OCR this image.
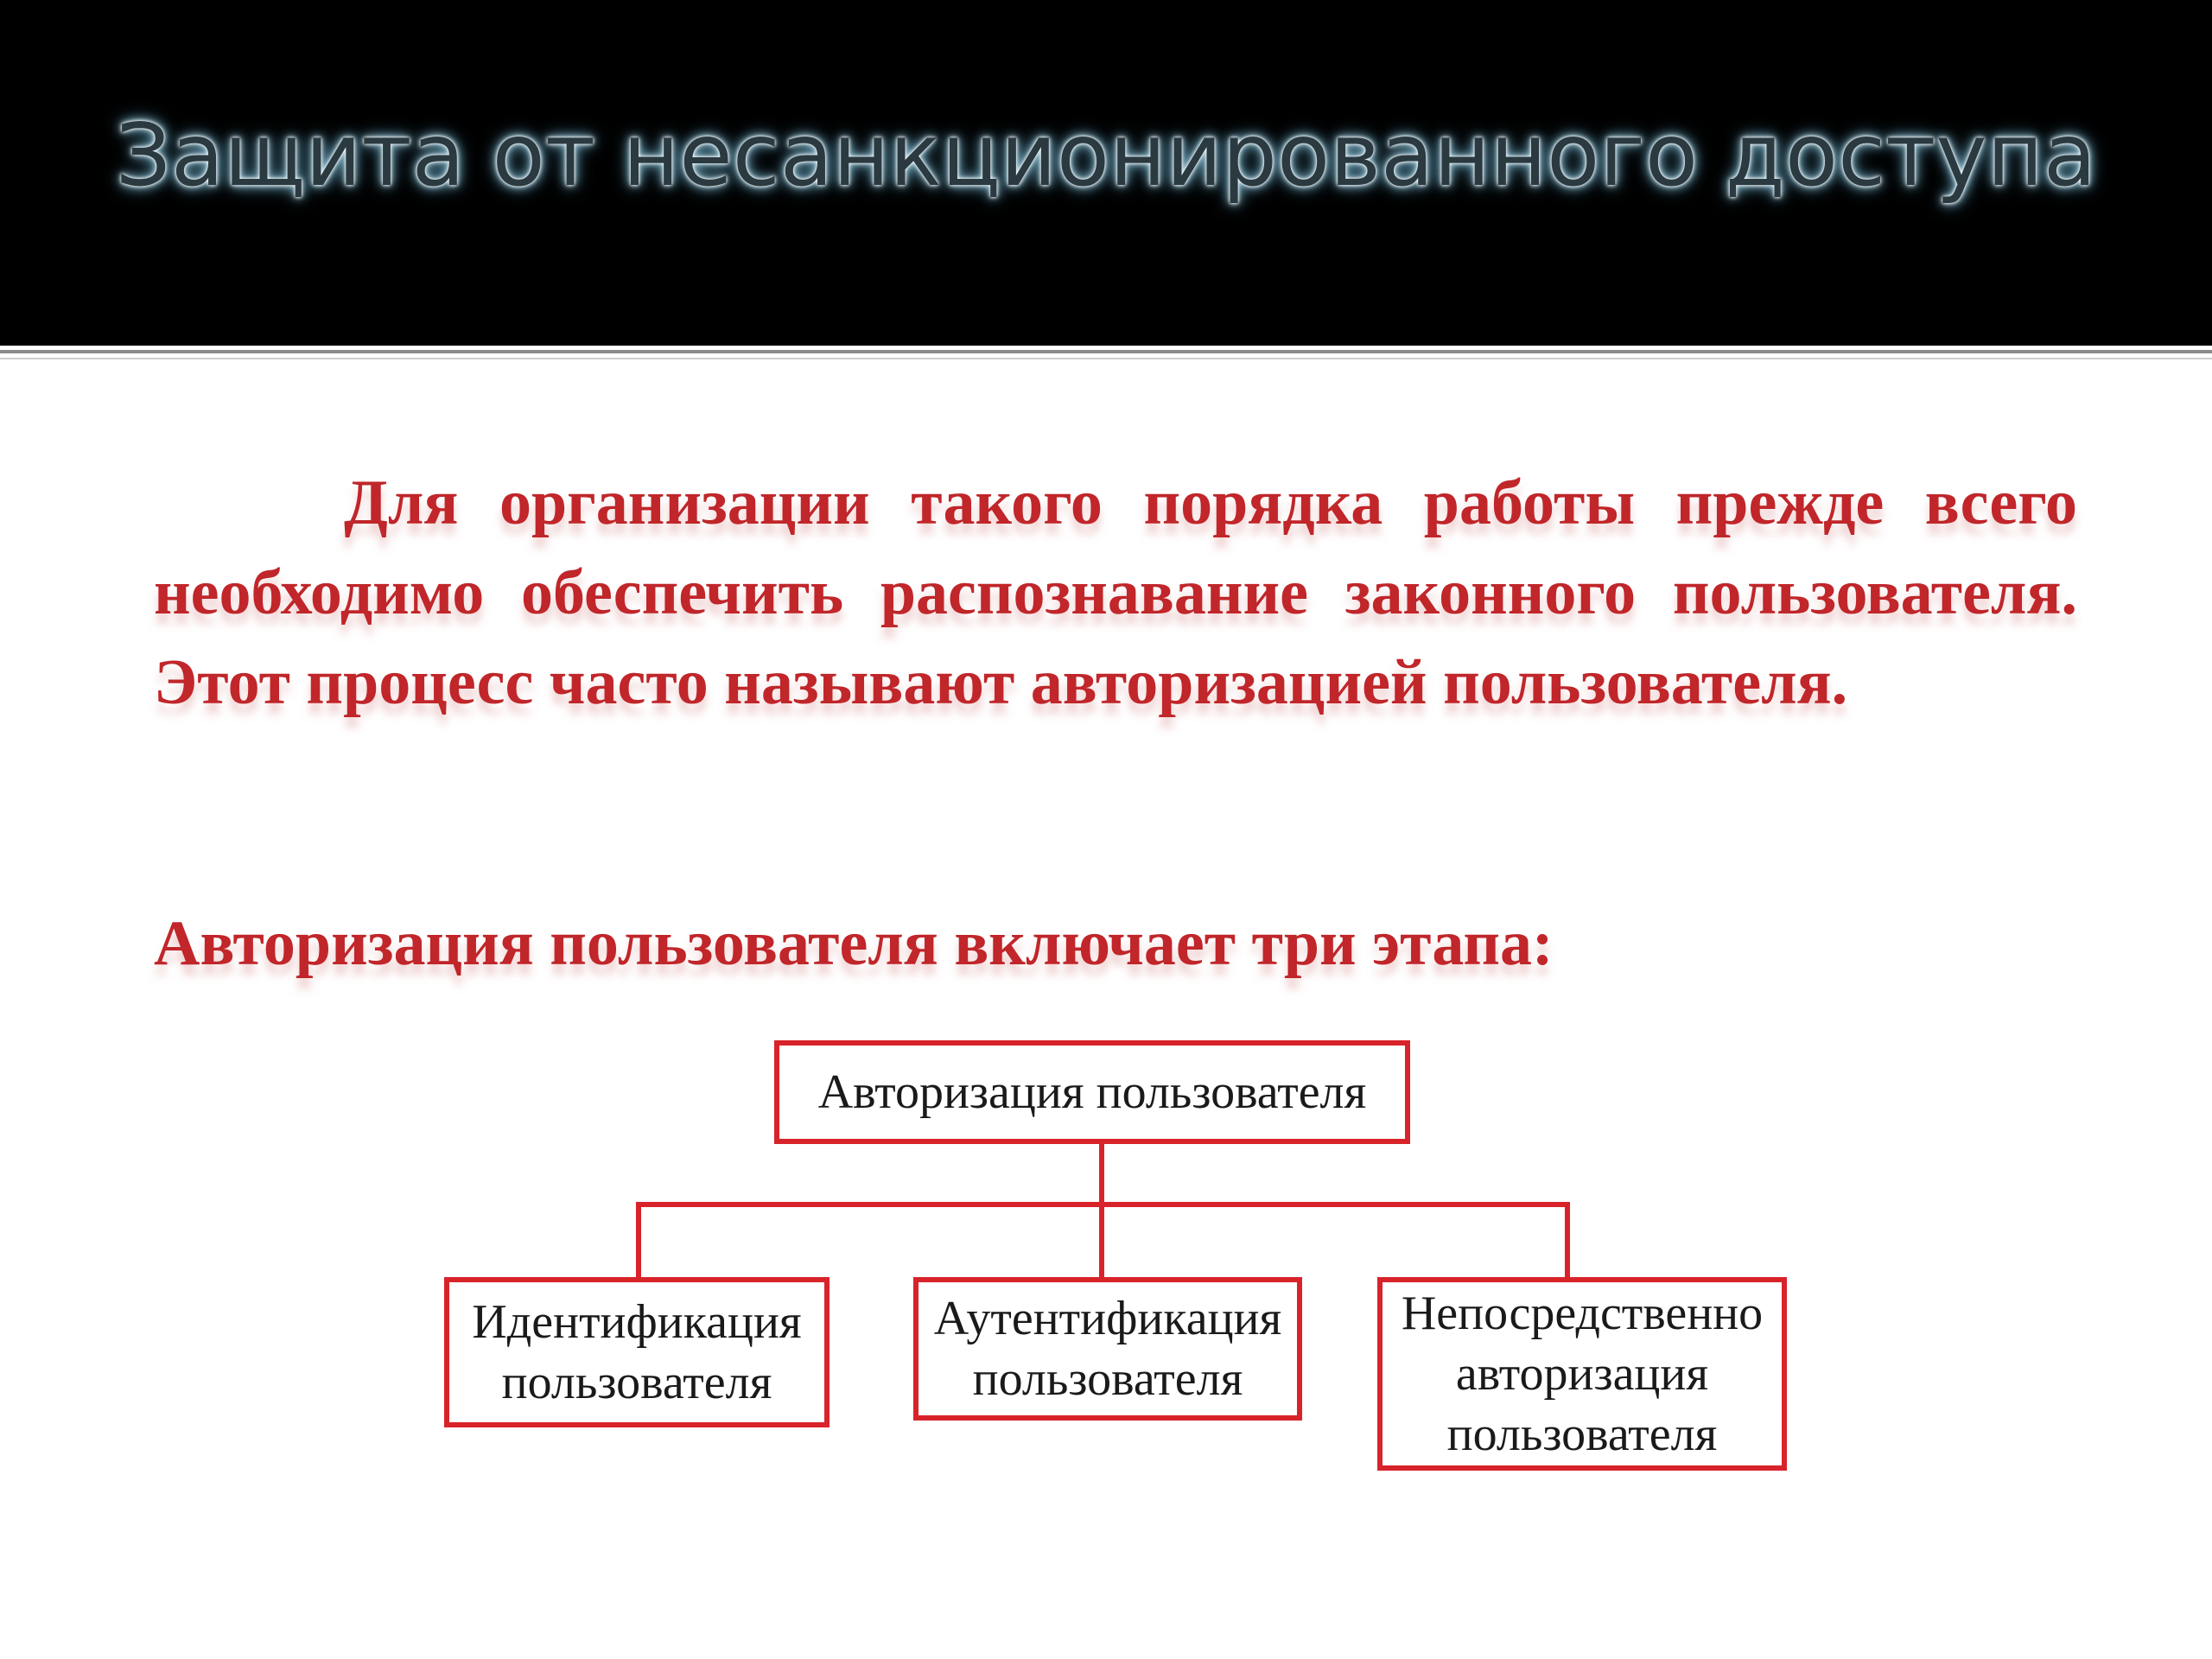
Защита от несанкционированного доступа

Для организации такого порядка работы прежде всего необходимо обеспечить распознавание законного пользователя. Этот процесс часто называют авторизацией пользователя.

Авторизация пользователя включает три этапа:

Авторизация пользователя
Идентификация
пользователя
Аутентификация
пользователя
Непосредственно
авторизация
пользователя
